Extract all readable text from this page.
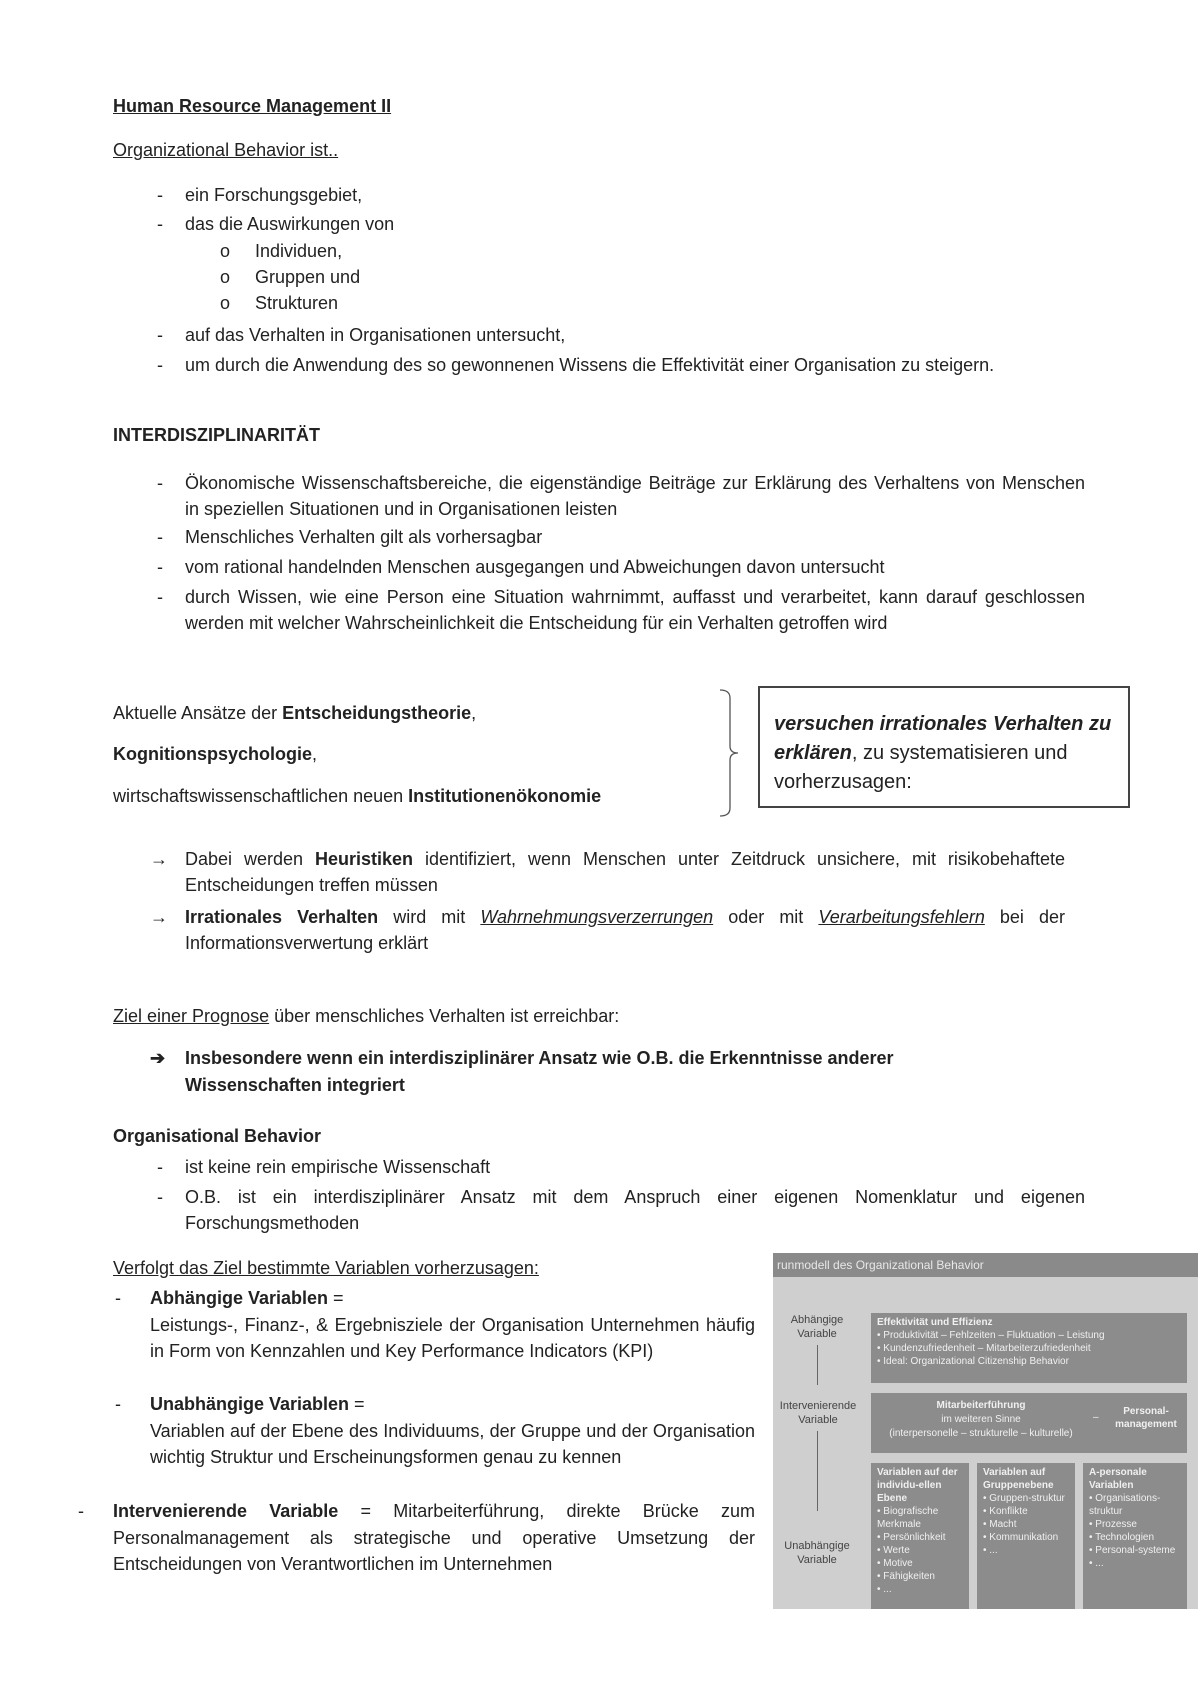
Human Resource Management II
Organizational Behavior ist..
-	ein Forschungsgebiet,
-	das die Auswirkungen von
o Individuen,
o Gruppen und
o Strukturen
-	auf das Verhalten in Organisationen untersucht,
-	um durch die Anwendung des so gewonnenen Wissens die Effektivität einer Organisation zu steigern.
INTERDISZIPLINARITÄT
-	Ökonomische Wissenschaftsbereiche, die eigenständige Beiträge zur Erklärung des Verhaltens von Menschen in speziellen Situationen und in Organisationen leisten
-	Menschliches Verhalten gilt als vorhersagbar
-	vom rational handelnden Menschen ausgegangen und Abweichungen davon untersucht
-	durch Wissen, wie eine Person eine Situation wahrnimmt, auffasst und verarbeitet, kann darauf geschlossen werden mit welcher Wahrscheinlichkeit die Entscheidung für ein Verhalten getroffen wird
Aktuelle Ansätze der Entscheidungstheorie,
Kognitionspsychologie,
wirtschaftswissenschaftlichen neuen Institutionenökonomie
versuchen irrationales Verhalten zu erklären, zu systematisieren und vorherzusagen:
→ Dabei werden Heuristiken identifiziert, wenn Menschen unter Zeitdruck unsichere, mit risikobehaftete Entscheidungen treffen müssen
→ Irrationales Verhalten wird mit Wahrnehmungsverzerrungen oder mit Verarbeitungsfehlern bei der Informationsverwertung erklärt
Ziel einer Prognose über menschliches Verhalten ist erreichbar:
➔	Insbesondere wenn ein interdisziplinärer Ansatz wie O.B. die Erkenntnisse anderer Wissenschaften integriert
Organisational Behavior
-	ist keine rein empirische Wissenschaft
-	O.B. ist ein interdisziplinärer Ansatz mit dem Anspruch einer eigenen Nomenklatur und eigenen Forschungsmethoden
Verfolgt das Ziel bestimmte Variablen vorherzusagen:
-	Abhängige Variablen =
Leistungs-, Finanz-, & Ergebnisziele der Organisation Unternehmen häufig in Form von Kennzahlen und Key Performance Indicators (KPI)
-	Unabhängige Variablen =
Variablen auf der Ebene des Individuums, der Gruppe und der Organisation wichtig Struktur und Erscheinungsformen genau zu kennen
-	Intervenierende Variable = Mitarbeiterführung, direkte Brücke zum Personalmanagement als strategische und operative Umsetzung der Entscheidungen von Verantwortlichen im Unternehmen
runmodell des Organizational Behavior
Abhängige Variable
Intervenierende Variable
Unabhängige Variable
Effektivität und Effizienz
• Produktivität – Fehlzeiten – Fluktuation – Leistung
• Kundenzufriedenheit – Mitarbeiterzufriedenheit
• Ideal: Organizational Citizenship Behavior
Mitarbeiterführung
im weiteren Sinne
(interpersonelle – strukturelle – kulturelle)
–
Personal-management
Variablen auf der individu-ellen Ebene
• Biografische Merkmale
• Persönlichkeit
• Werte
• Motive
• Fähigkeiten
• ...
Variablen auf Gruppenebene
• Gruppen-struktur
• Konflikte
• Macht
• Kommunikation
• ...
A-personale Variablen
• Organisations-struktur
• Prozesse
• Technologien
• Personal-systeme
• ...
